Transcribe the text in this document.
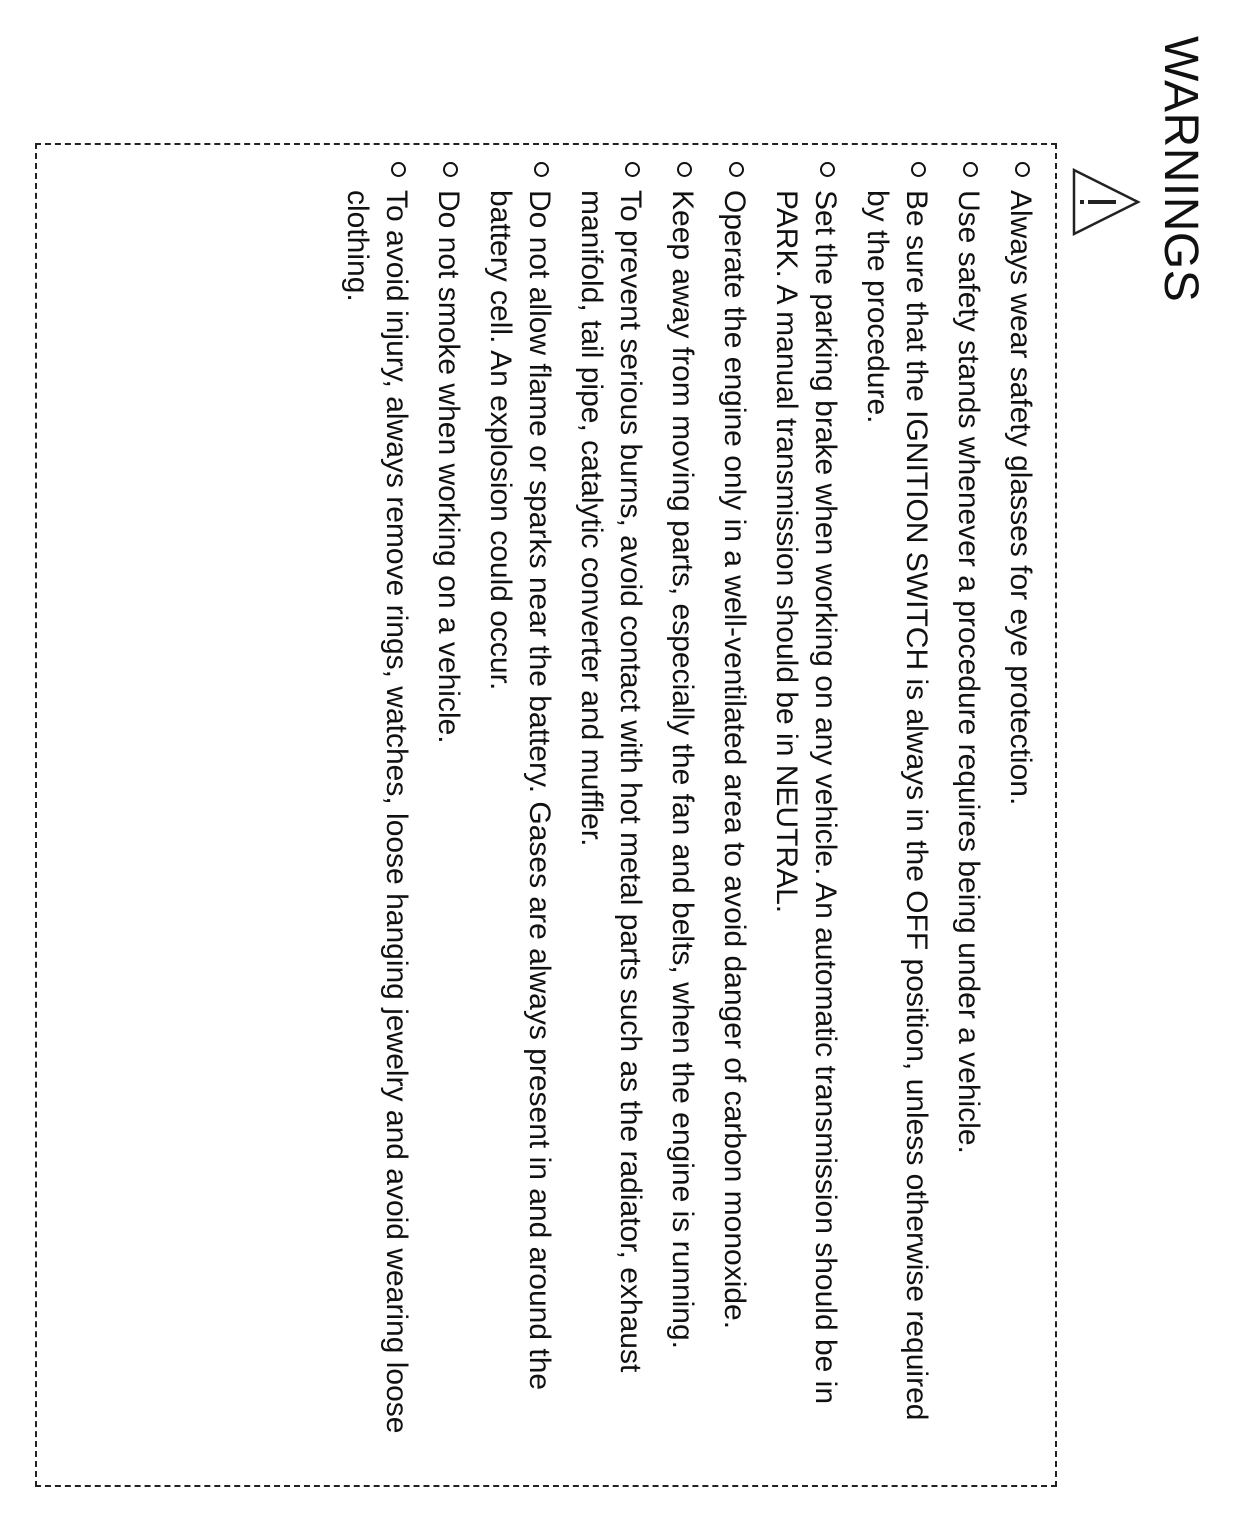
WARNINGS
Always wear safety glasses for eye protection.
Use safety stands whenever a procedure requires being under a vehicle.
Be sure that the IGNITION SWITCH is always in the OFF position, unless otherwise required by the procedure.
Set the parking brake when working on any vehicle. An automatic transmission should be in PARK. A manual transmission should be in NEUTRAL.
Operate the engine only in a well-ventilated area to avoid danger of carbon monoxide.
Keep away from moving parts, especially the fan and belts, when the engine is running.
To prevent serious burns, avoid contact with hot metal parts such as the radiator, exhaust manifold, tail pipe, catalytic converter and muffler.
Do not allow flame or sparks near the battery. Gases are always present in and around the battery cell. An explosion could occur.
Do not smoke when working on a vehicle.
To avoid injury, always remove rings, watches, loose hanging jewelry and avoid wearing loose clothing.
